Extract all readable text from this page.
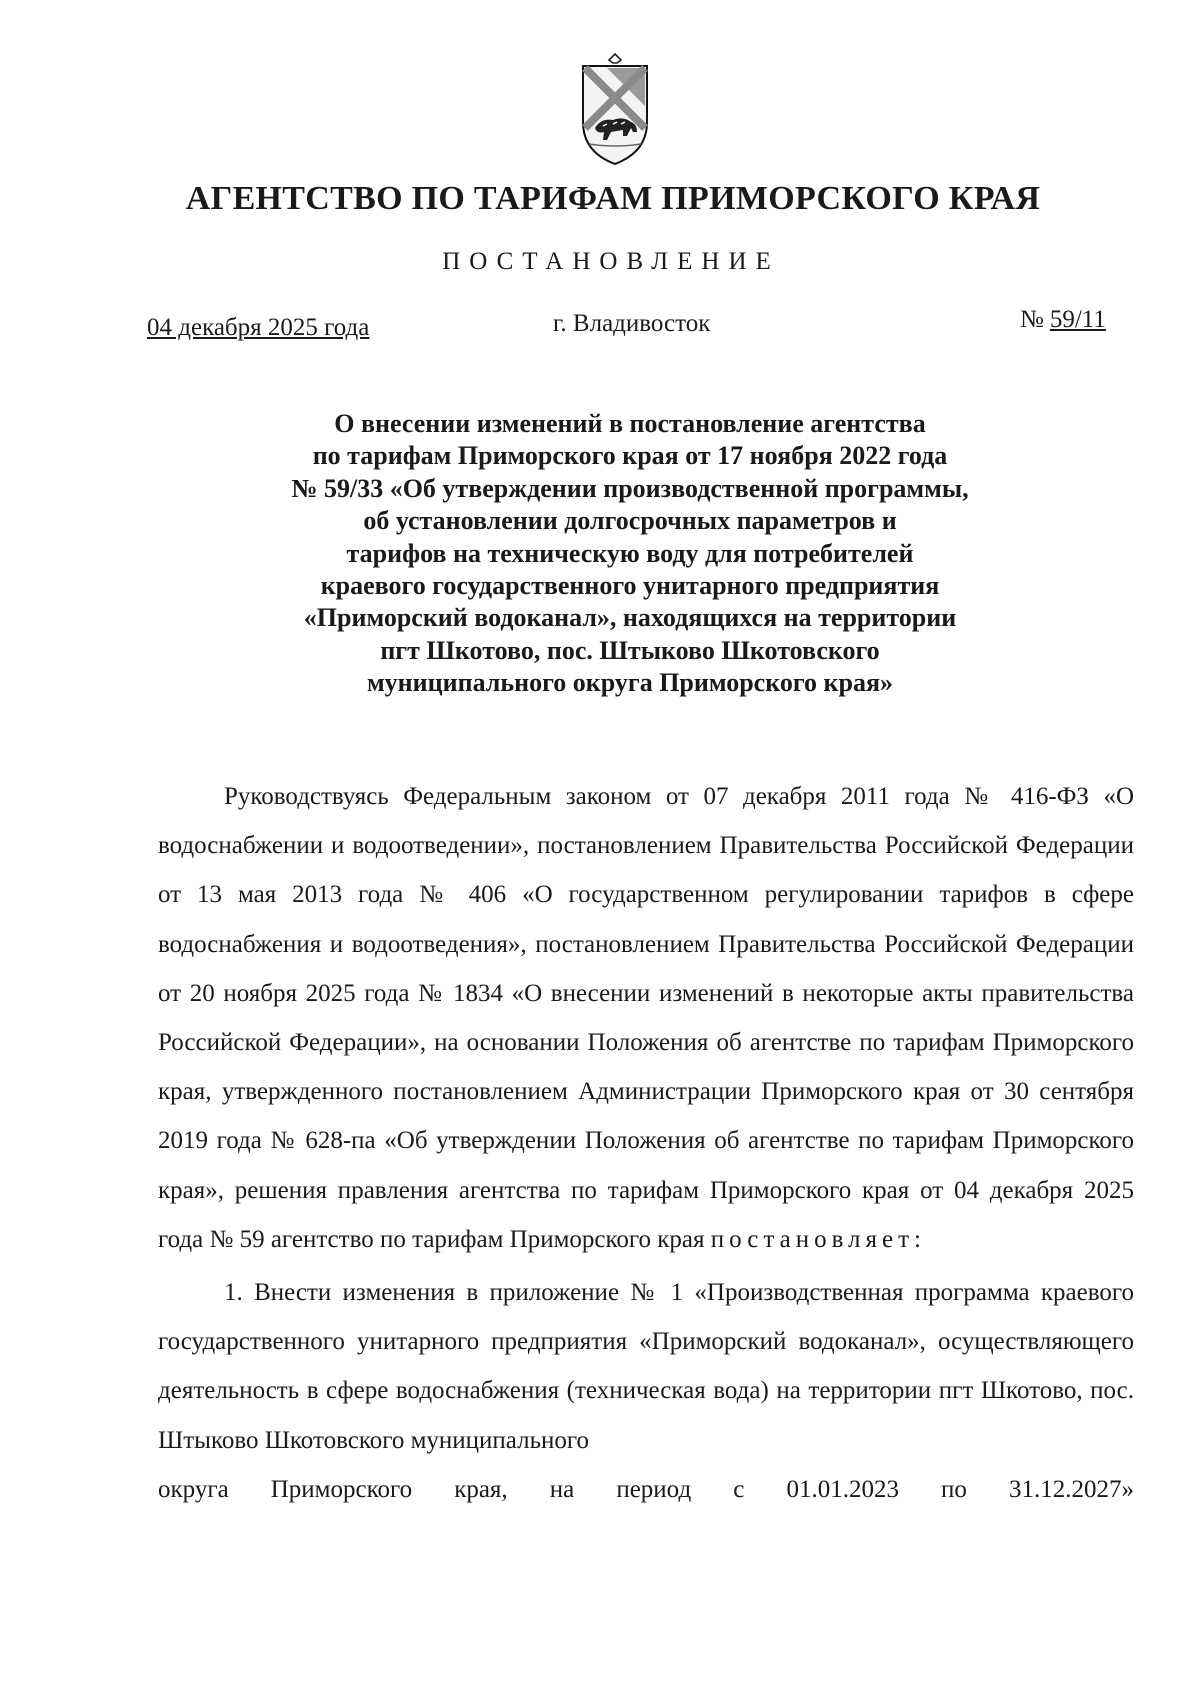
АГЕНТСТВО ПО ТАРИФАМ ПРИМОРСКОГО КРАЯ
ПОСТАНОВЛЕНИЕ
04 декабря 2025 года	г. Владивосток	№ 59/11
О внесении изменений в постановление агентства
по тарифам Приморского края от 17 ноября 2022 года
№ 59/33 «Об утверждении производственной программы,
об установлении долгосрочных параметров и
тарифов на техническую воду для потребителей
краевого государственного унитарного предприятия
«Приморский водоканал», находящихся на территории
пгт Шкотово, пос. Штыково Шкотовского
муниципального округа Приморского края»

Руководствуясь Федеральным законом от 07 декабря 2011 года № 416-ФЗ «О водоснабжении и водоотведении», постановлением Правительства Российской Федерации от 13 мая 2013 года № 406 «О государственном регулировании тарифов в сфере водоснабжения и водоотведения», постановлением Правительства Российской Федерации от 20 ноября 2025 года № 1834 «О внесении изменений в некоторые акты правительства Российской Федерации», на основании Положения об агентстве по тарифам Приморского края, утвержденного постановлением Администрации Приморского края от 30 сентября 2019 года № 628-па «Об утверждении Положения об агентстве по тарифам Приморского края», решения правления агентства по тарифам Приморского края от 04 декабря 2025 года № 59 агентство по тарифам Приморского края постановляет:

1. Внести изменения в приложение № 1 «Производственная программа краевого государственного унитарного предприятия «Приморский водоканал», осуществляющего деятельность в сфере водоснабжения (техническая вода) на территории пгт Шкотово, пос. Штыково Шкотовского муниципального

округа Приморского края, на период с 01.01.2023 по 31.12.2027»
